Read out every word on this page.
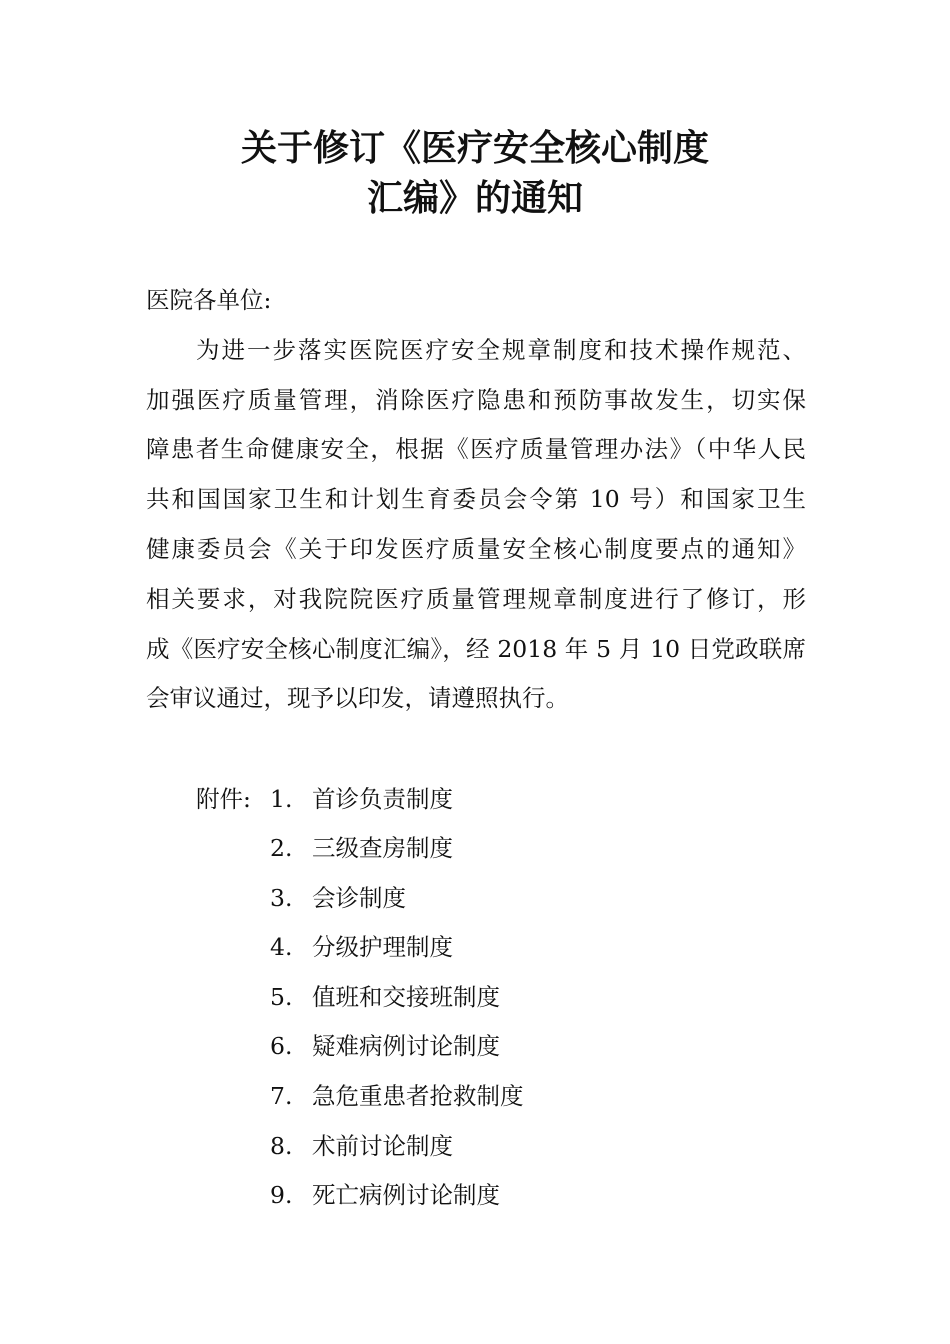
关于修订《医疗安全核心制度
汇编》的通知
医院各单位:
为进一步落实医院医疗安全规章制度和技术操作规范、
加强医疗质量管理，消除医疗隐患和预防事故发生，切实保
障患者生命健康安全，根据《医疗质量管理办法》（中华人民
共和国国家卫生和计划生育委员会令第 10 号）和国家卫生
健康委员会《关于印发医疗质量安全核心制度要点的通知》
相关要求，对我院院医疗质量管理规章制度进行了修订，形
成《医疗安全核心制度汇编》，经 2018 年 5 月 10 日党政联席
会审议通过，现予以印发，请遵照执行。
附件: 1. 首诊负责制度
2. 三级查房制度
3. 会诊制度
4. 分级护理制度
5. 值班和交接班制度
6. 疑难病例讨论制度
7. 急危重患者抢救制度
8. 术前讨论制度
9. 死亡病例讨论制度
